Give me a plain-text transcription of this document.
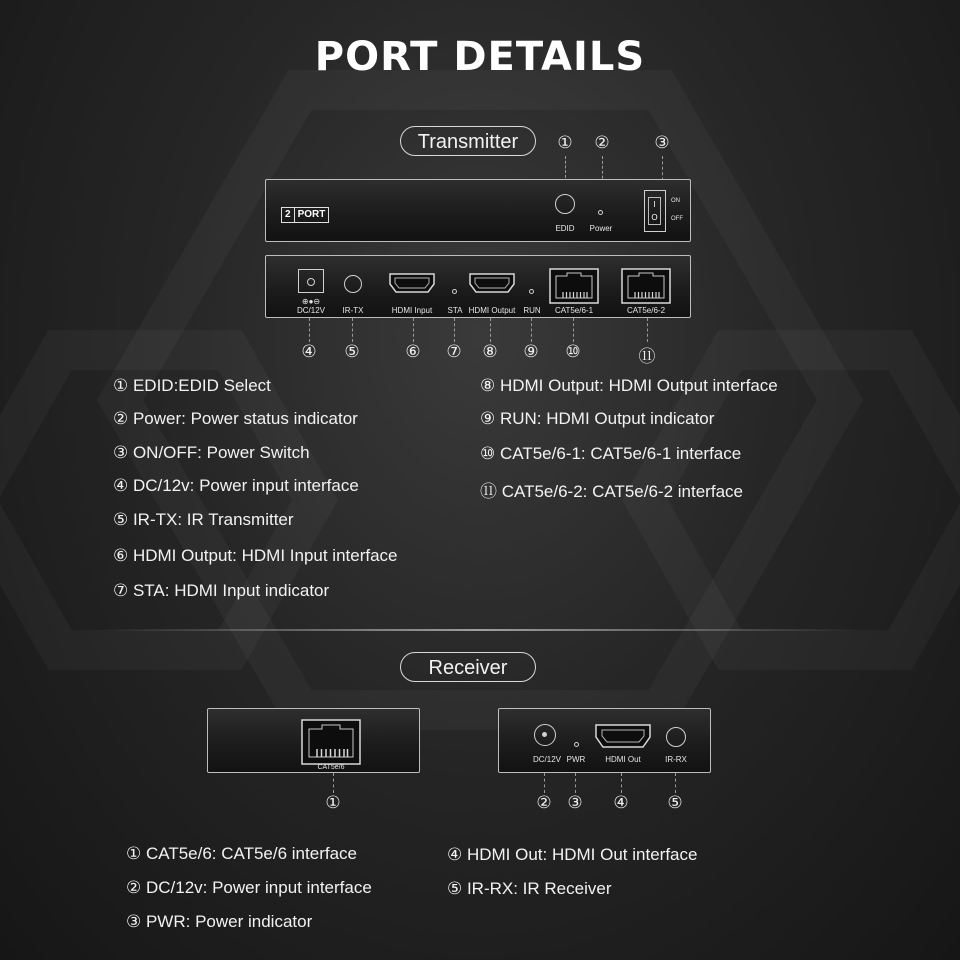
PORT DETAILS
Transmitter	① ②	③
2 PORT
EDID	Power
I
O
ON
OFF
⊕●⊖
DC/12V	IR-TX	HDMI Input	STA HDMI Output RUN	CAT5e/6-1	CAT5e/6-2
④ ⑤	⑥ ⑦ ⑧ ⑨ ⑩	⑪
① EDID:EDID Select
② Power: Power status indicator
③ ON/OFF: Power Switch
④ DC/12v: Power input interface
⑤ IR-TX: IR Transmitter
⑥ HDMI Output: HDMI Input interface
⑦ STA: HDMI Input indicator
⑧ HDMI Output: HDMI Output interface
⑨ RUN: HDMI Output indicator
⑩ CAT5e/6-1: CAT5e/6-1 interface
⑪ CAT5e/6-2: CAT5e/6-2 interface
Receiver
CAT5e/6
DC/12V PWR	HDMI Out	IR-RX
①	② ③ ④ ⑤
① CAT5e/6: CAT5e/6 interface
② DC/12v: Power input interface
③ PWR: Power indicator
④ HDMI Out: HDMI Out interface
⑤ IR-RX: IR Receiver
